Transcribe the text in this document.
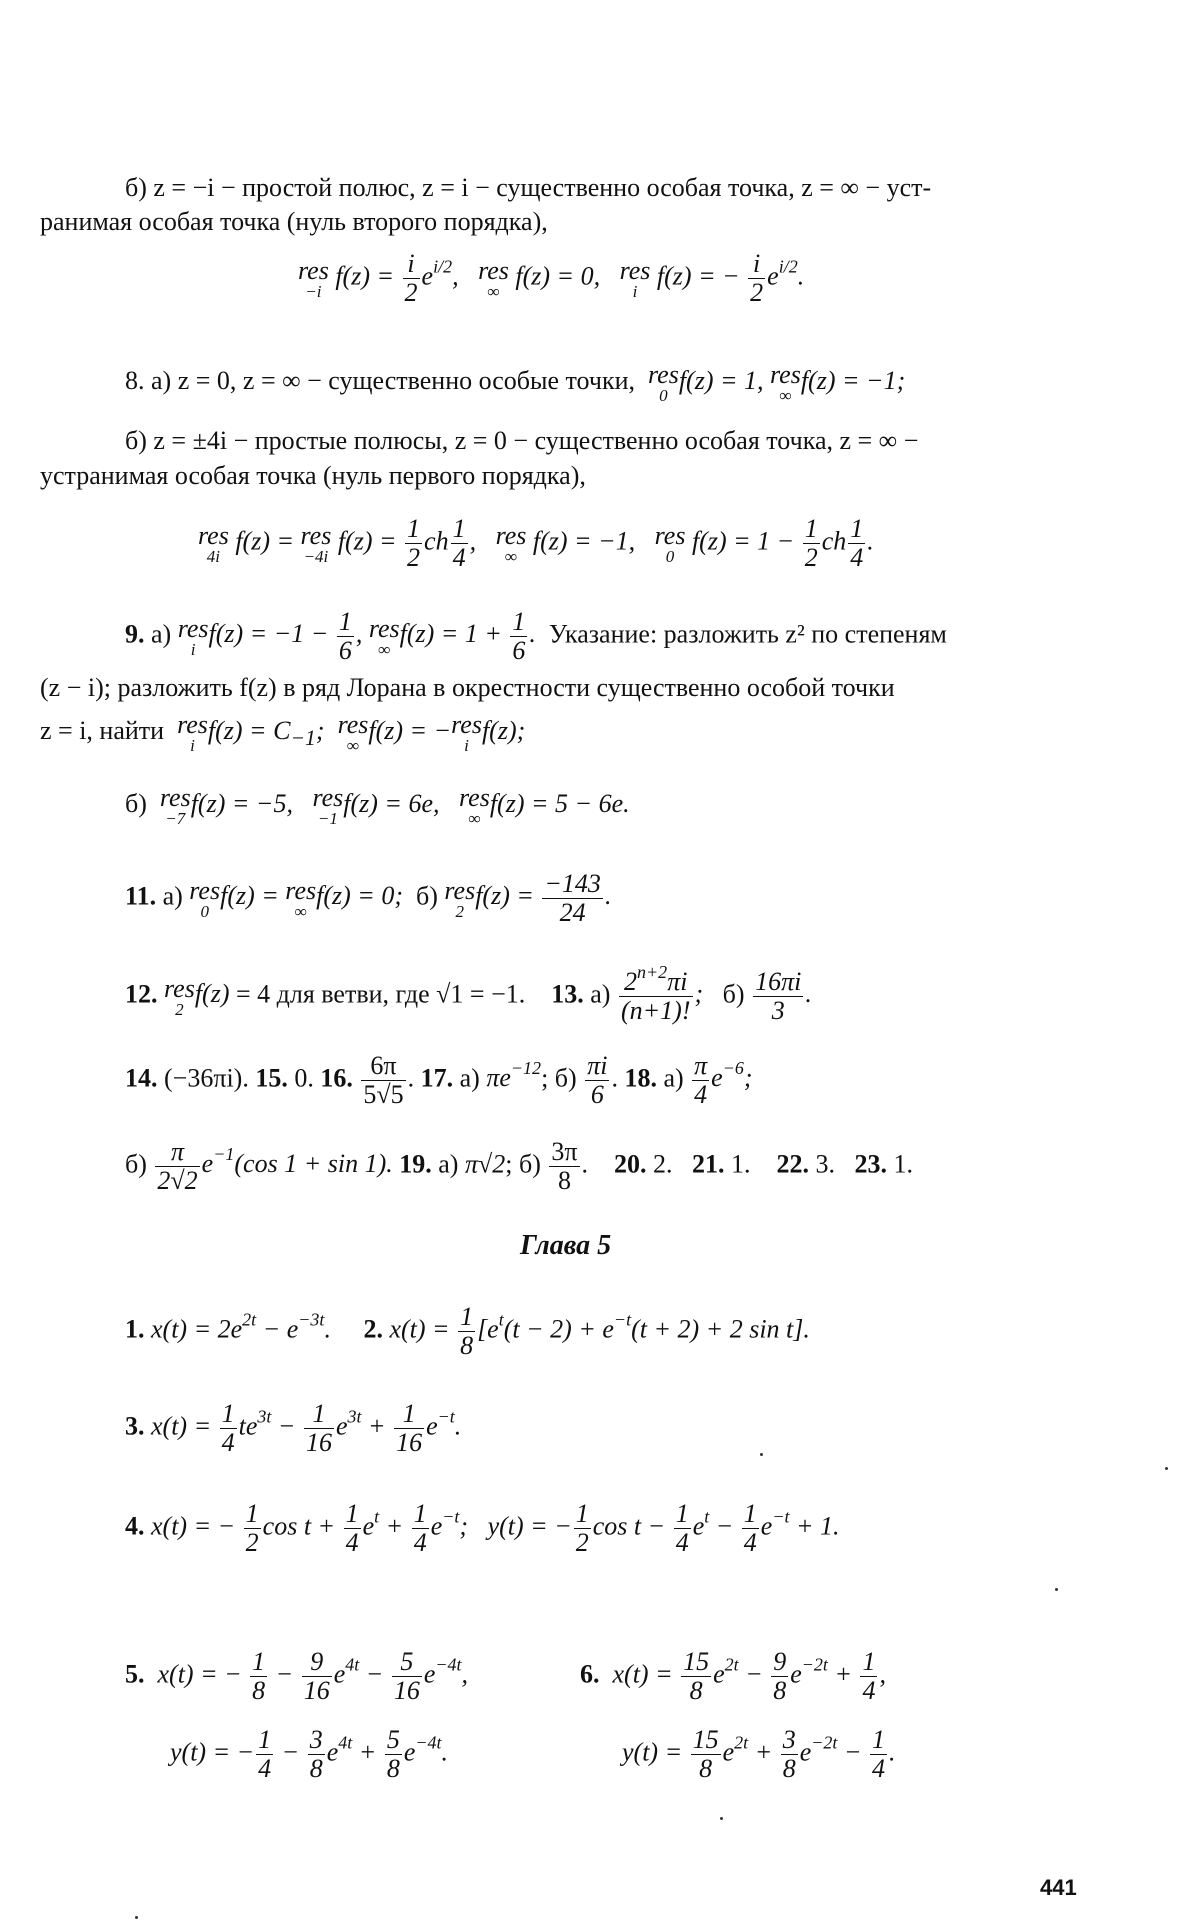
б) z = −i − простой полюс, z = i − существенно особая точка, z = ∞ − уст-
ранимая особая точка (нуль второго порядка),
res
−i
$f(z) = \frac{i}{2} e^{i/2}$, res
∞
f(z) = 0, res
i
f(z) = − $\frac{i}{2} e^{i/2}$.
8. а) z = 0, z = ∞ − существенно особые точки, res
0
f(z) = 1, res
∞
f(z) = −1;
б) z = ±4i − простые полюсы, z = 0 − существенно особая точка, z = ∞ −
устранимая особая точка (нуль первого порядка),
res
4i
f(z) = res
−4i
$f(z) = \frac{1}{2}$ ch $\frac{1}{4}$ , res
∞
f(z) = −1, res
0
$f(z) = 1 - \frac{1}{2}$ ch $\frac{1}{4}$ .
9. а) res
i
$f(z) = -1 - \frac{1}{6}$ , res
∞
$f(z) = 1 + \frac{1}{6}$ . Указание: разложить z² по степеням
(z − i); разложить f(z) в ряд Лорана в окрестности существенно особой точки
z = i, найти res
i
$f(z) = C_{-1}$; res
∞
f(z) = − res
i
f(z);
б) res
−7
f(z) = −5, res
−1
f(z) = 6e, res
∞
f(z) = 5 − 6e.
11. а) res
0
f(z) = res
∞
f(z) = 0;  б) res
2
$f(z) = \frac{-143}{24}$ .
12. res
2
f(z) = 4 для ветви, где √1 = −1. 13. $а) \frac{2^{n+2}\pi i}{(n+1)!}$ ;   $б) \frac{16\pi i}{3}$ .
14. (−36πi). 15. 0. 16. $\frac{6\pi}{5√5}$ . 17. а) $\pi e^{-12}$; $б) \frac{\pi i}{6}$ . 18. $а) \frac{\pi}{4} e^{-6}$;
$б) \frac{\pi}{2√2} e^{-1}(\cos$ 1 + sin 1). 19. а) π√2; $б) \frac{3\pi}{8}$ .    20. 2.   21. 1.    22. 3.   23. 1.
Глава 5
1. $x(t) = 2e^{2t} - e^{-3t}$.     2. $x(t) = \frac{1}{8} [e^t(t - 2) + e^{-t}(t + 2) + 2$ sin t].
3. $x(t) = \frac{1}{4} te^{3t} - \frac{1}{16} e^{3t} + \frac{1}{16} e^{-t}$.
4. x(t) = − $\frac{1}{2}$ $\cos t + \frac{1}{4} e^t + \frac{1}{4} e^{-t}$;   y(t) = − $\frac{1}{2}$ $\cos t - \frac{1}{4} e^t - \frac{1}{4} e^{-t} + 1$.
5.  x(t) = − $\frac{1}{8} - \frac{9}{16} e^{4t} - \frac{5}{16} e^{-4t}$,
y(t) = − $\frac{1}{4} - \frac{3}{8} e^{4t} + \frac{5}{8} e^{-4t}$.
6.  $x(t) = \frac{15}{8} e^{2t} - \frac{9}{8} e^{-2t} + \frac{1}{4}$ ,
$y(t) = \frac{15}{8} e^{2t} + \frac{3}{8} e^{-2t} - \frac{1}{4}$ .
441
